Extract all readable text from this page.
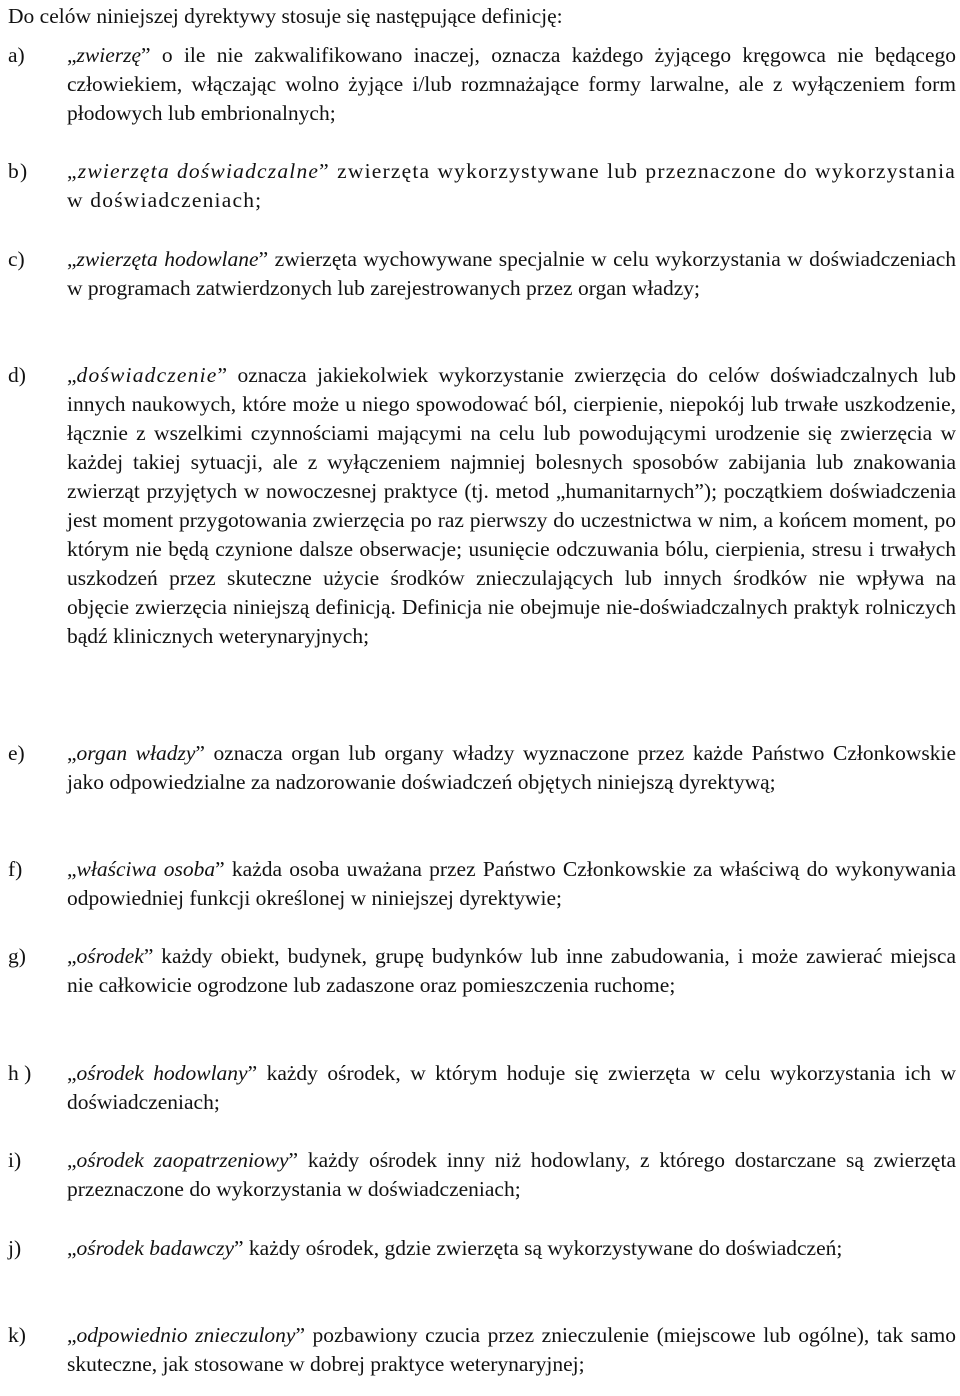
Do celów niniejszej dyrektywy stosuje się następujące definicję:
a) „zwierzę” o ile nie zakwalifikowano inaczej, oznacza każdego żyjącego kręgowca nie będącego człowiekiem, włączając wolno żyjące i/lub rozmnażające formy larwalne, ale z wyłączeniem form płodowych lub embrionalnych;
b) „zwierzęta doświadczalne” zwierzęta wykorzystywane lub przeznaczone do wykorzystania w doświadczeniach;
c) „zwierzęta hodowlane” zwierzęta wychowywane specjalnie w celu wykorzystania w doświadczeniach w programach zatwierdzonych lub zarejestrowanych przez organ władzy;
d) „doświadczenie” oznacza jakiekolwiek wykorzystanie zwierzęcia do celów doświadczalnych lub innych naukowych, które może u niego spowodować ból, cierpienie, niepokój lub trwałe uszkodzenie, łącznie z wszelkimi czynnościami mającymi na celu lub powodującymi urodzenie się zwierzęcia w każdej takiej sytuacji, ale z wyłączeniem najmniej bolesnych sposobów zabijania lub znakowania zwierząt przyjętych w nowoczesnej praktyce (tj. metod „humanitarnych”); początkiem doświadczenia jest moment przygotowania zwierzęcia po raz pierwszy do uczestnictwa w nim, a końcem moment, po którym nie będą czynione dalsze obserwacje; usunięcie odczuwania bólu, cierpienia, stresu i trwałych uszkodzeń przez skuteczne użycie środków znieczulających lub innych środków nie wpływa na objęcie zwierzęcia niniejszą definicją. Definicja nie obejmuje nie-doświadczalnych praktyk rolniczych bądź klinicznych weterynaryjnych;
e) „organ władzy” oznacza organ lub organy władzy wyznaczone przez każde Państwo Członkowskie jako odpowiedzialne za nadzorowanie doświadczeń objętych niniejszą dyrektywą;
f) „właściwa osoba” każda osoba uważana przez Państwo Członkowskie za właściwą do wykonywania odpowiedniej funkcji określonej w niniejszej dyrektywie;
g) „ośrodek” każdy obiekt, budynek, grupę budynków lub inne zabudowania, i może zawierać miejsca nie całkowicie ogrodzone lub zadaszone oraz pomieszczenia ruchome;
h ) „ośrodek hodowlany” każdy ośrodek, w którym hoduje się zwierzęta w celu wykorzystania ich w doświadczeniach;
i) „ośrodek zaopatrzeniowy” każdy ośrodek inny niż hodowlany, z którego dostarczane są zwierzęta przeznaczone do wykorzystania w doświadczeniach;
j) „ośrodek badawczy” każdy ośrodek, gdzie zwierzęta są wykorzystywane do doświadczeń;
k) „odpowiednio znieczulony” pozbawiony czucia przez znieczulenie (miejscowe lub ogólne), tak samo skuteczne, jak stosowane w dobrej praktyce weterynaryjnej;
